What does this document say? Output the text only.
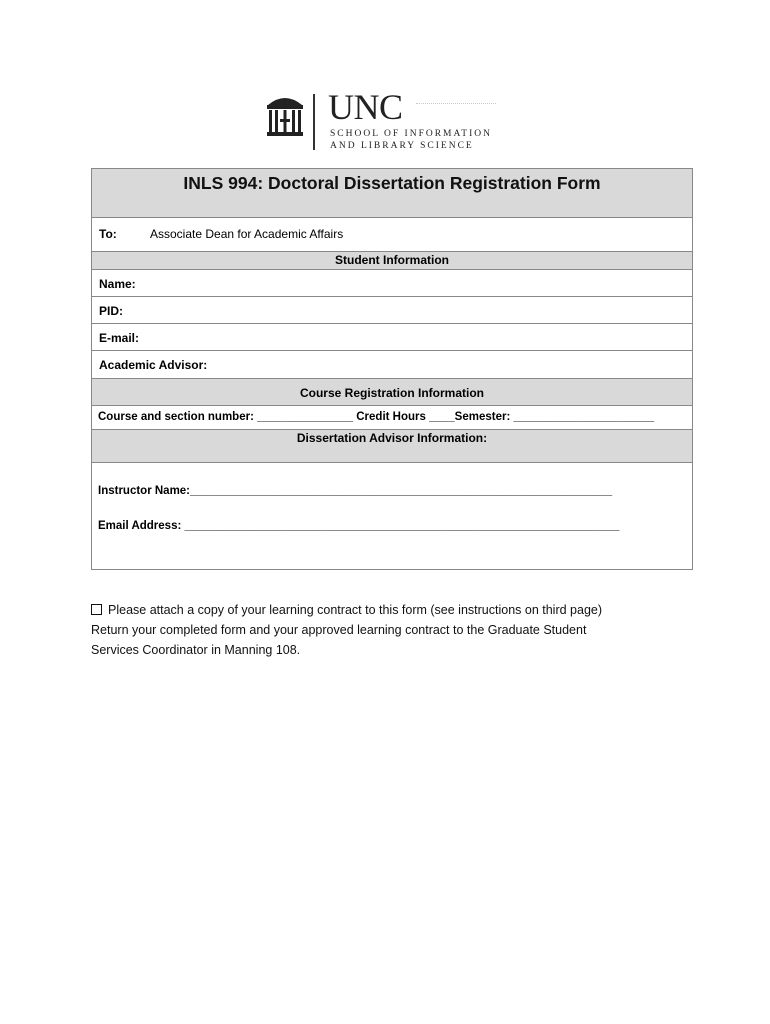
UNC
SCHOOL OF INFORMATION
AND LIBRARY SCIENCE
INLS 994: Doctoral Dissertation Registration Form
To:	Associate Dean for Academic Affairs
Student Information
Name:
PID:
E-mail:
Academic Advisor:
Course Registration Information
Course and section number: _______________ Credit Hours ____Semester: ______________________
Dissertation Advisor Information:
Instructor Name:__________________________________________________________________
Email Address: ____________________________________________________________________
Please attach a copy of your learning contract to this form (see instructions on third page)
Return your completed form and your approved learning contract to the Graduate Student
Services Coordinator in Manning 108.
